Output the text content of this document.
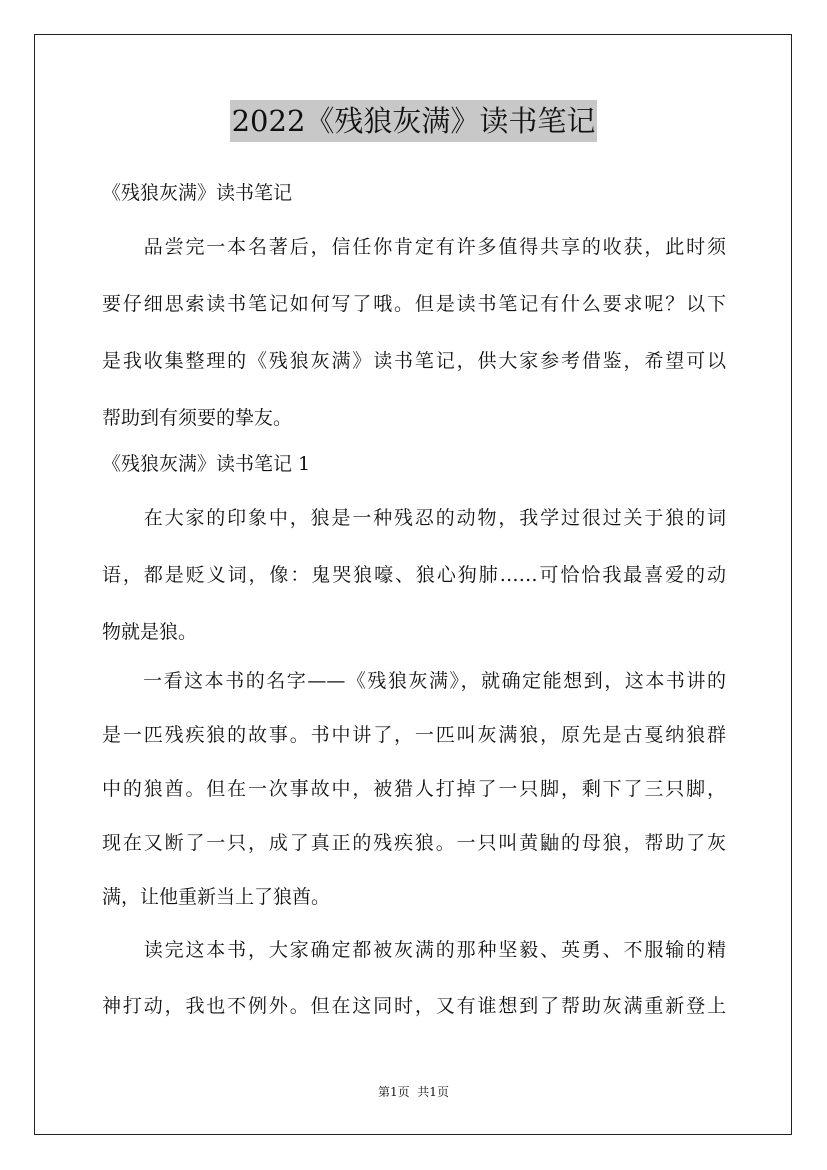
2022《残狼灰满》读书笔记
《残狼灰满》读书笔记
　　品尝完一本名著后，信任你肯定有许多值得共享的收获，此时须
要仔细思索读书笔记如何写了哦。但是读书笔记有什么要求呢？以下
是我收集整理的《残狼灰满》读书笔记，供大家参考借鉴，希望可以
帮助到有须要的挚友。
《残狼灰满》读书笔记 1
　　在大家的印象中，狼是一种残忍的动物，我学过很过关于狼的词
语，都是贬义词，像：鬼哭狼嚎、狼心狗肺……可恰恰我最喜爱的动
物就是狼。
　　一看这本书的名字——《残狼灰满》，就确定能想到，这本书讲的
是一匹残疾狼的故事。书中讲了，一匹叫灰满狼，原先是古戛纳狼群
中的狼酋。但在一次事故中，被猎人打掉了一只脚，剩下了三只脚，
现在又断了一只，成了真正的残疾狼。一只叫黄鼬的母狼，帮助了灰
满，让他重新当上了狼酋。
　　读完这本书，大家确定都被灰满的那种坚毅、英勇、不服输的精
神打动，我也不例外。但在这同时，又有谁想到了帮助灰满重新登上
第1页  共1页
